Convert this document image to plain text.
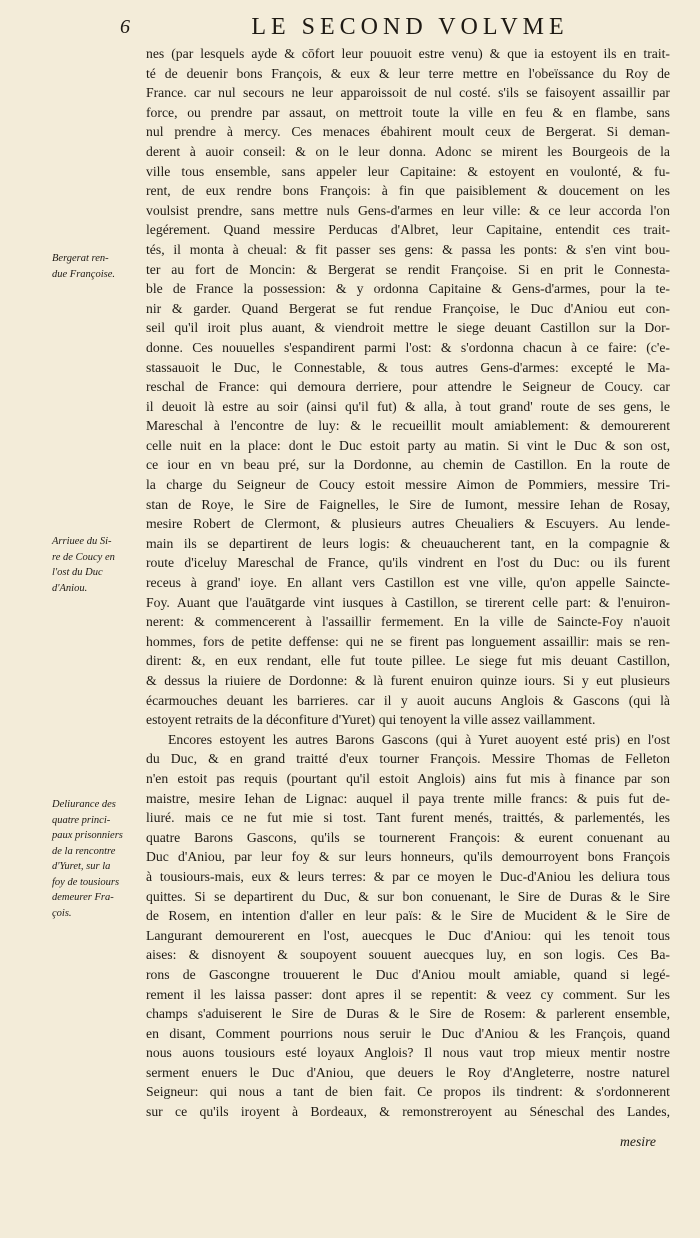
6	LE SECOND VOLVME
Bergerat ren-
due Françoise.
Arriuee du Si-
re de Coucy en
l'ost du Duc
d'Aniou.
Deliurance des
quatre princi-
paux prisonniers
de la rencontre
d'Yuret, sur la
foy de tousiours
demeurer Fra-
çois.
nes (par lesquels ayde & cōfort leur pouuoit estre venu) & que ia estoyent ils en trait-
té de deuenir bons François, & eux & leur terre mettre en l'obeïssance du Roy de
France. car nul secours ne leur apparoissoit de nul costé. s'ils se faisoyent assaillir par
force, ou prendre par assaut, on mettroit toute la ville en feu & en flambe, sans
nul prendre à mercy. Ces menaces ébahirent moult ceux de Bergerat. Si deman-
derent à auoir conseil: & on le leur donna. Adonc se mirent les Bourgeois de la
ville tous ensemble, sans appeler leur Capitaine: & estoyent en voulonté, & fu-
rent, de eux rendre bons François: à fin que paisiblement & doucement on les
voulsist prendre, sans mettre nuls Gens-d'armes en leur ville: & ce leur accorda l'on
legérement. Quand messire Perducas d'Albret, leur Capitaine, entendit ces trait-
tés, il monta à cheual: & fit passer ses gens: & passa les ponts: & s'en vint bou-
ter au fort de Moncin: & Bergerat se rendit Françoise. Si en prit le Connesta-
ble de France la possession: & y ordonna Capitaine & Gens-d'armes, pour la te-
nir & garder. Quand Bergerat se fut rendue Françoise, le Duc d'Aniou eut con-
seil qu'il iroit plus auant, & viendroit mettre le siege deuant Castillon sur la Dor-
donne. Ces nouuelles s'espandirent parmi l'ost: & s'ordonna chacun à ce faire: (c'e-
stassauoit le Duc, le Connestable, & tous autres Gens-d'armes: excepté le Ma-
reschal de France: qui demoura derriere, pour attendre le Seigneur de Coucy. car
il deuoit là estre au soir (ainsi qu'il fut) & alla, à tout grand' route de ses gens, le
Mareschal à l'encontre de luy: & le recueillit moult amiablement: & demourerent
celle nuit en la place: dont le Duc estoit party au matin. Si vint le Duc & son ost,
ce iour en vn beau pré, sur la Dordonne, au chemin de Castillon. En la route de
la charge du Seigneur de Coucy estoit messire Aimon de Pommiers, messire Tri-
stan de Roye, le Sire de Faignelles, le Sire de Iumont, messire Iehan de Rosay,
mesire Robert de Clermont, & plusieurs autres Cheualiers & Escuyers. Au lende-
main ils se departirent de leurs logis: & cheuaucherent tant, en la compagnie &
route d'iceluy Mareschal de France, qu'ils vindrent en l'ost du Duc: ou ils furent
receus à grand' ioye. En allant vers Castillon est vne ville, qu'on appelle Saincte-
Foy. Auant que l'auātgarde vint iusques à Castillon, se tirerent celle part: & l'enuiron-
nerent: & commencerent à l'assaillir fermement. En la ville de Saincte-Foy n'auoit
hommes, fors de petite deffense: qui ne se firent pas longuement assaillir: mais se ren-
dirent: &, en eux rendant, elle fut toute pillee. Le siege fut mis deuant Castillon,
& dessus la riuiere de Dordonne: & là furent enuiron quinze iours. Si y eut plusieurs
écarmouches deuant les barrieres. car il y auoit aucuns Anglois & Gascons (qui là
estoyent retraits de la déconfiture d'Yuret) qui tenoyent la ville assez vaillamment.
Encores estoyent les autres Barons Gascons (qui à Yuret auoyent esté pris) en l'ost
du Duc, & en grand traitté d'eux tourner François. Messire Thomas de Felleton
n'en estoit pas requis (pourtant qu'il estoit Anglois) ains fut mis à finance par son
maistre, mesire Iehan de Lignac: auquel il paya trente mille francs: & puis fut de-
liuré. mais ce ne fut mie si tost. Tant furent menés, traittés, & parlementés, les
quatre Barons Gascons, qu'ils se tournerent François: & eurent conuenant au
Duc d'Aniou, par leur foy & sur leurs honneurs, qu'ils demourroyent bons François
à tousiours-mais, eux & leurs terres: & par ce moyen le Duc-d'Aniou les deliura tous
quittes. Si se departirent du Duc, & sur bon conuenant, le Sire de Duras & le Sire
de Rosem, en intention d'aller en leur païs: & le Sire de Mucident & le Sire de
Langurant demourerent en l'ost, auecques le Duc d'Aniou: qui les tenoit tous
aises: & disnoyent & soupoyent souuent auecques luy, en son logis. Ces Ba-
rons de Gascongne trouuerent le Duc d'Aniou moult amiable, quand si legé-
rement il les laissa passer: dont apres il se repentit: & veez cy comment. Sur les
champs s'aduiserent le Sire de Duras & le Sire de Rosem: & parlerent ensemble,
en disant, Comment pourrions nous seruir le Duc d'Aniou & les François, quand
nous auons tousiours esté loyaux Anglois? Il nous vaut trop mieux mentir nostre
serment enuers le Duc d'Aniou, que deuers le Roy d'Angleterre, nostre naturel
Seigneur: qui nous a tant de bien fait. Ce propos ils tindrent: & s'ordonnerent
sur ce qu'ils iroyent à Bordeaux, & remonstreroyent au Séneschal des Landes,
mesire
